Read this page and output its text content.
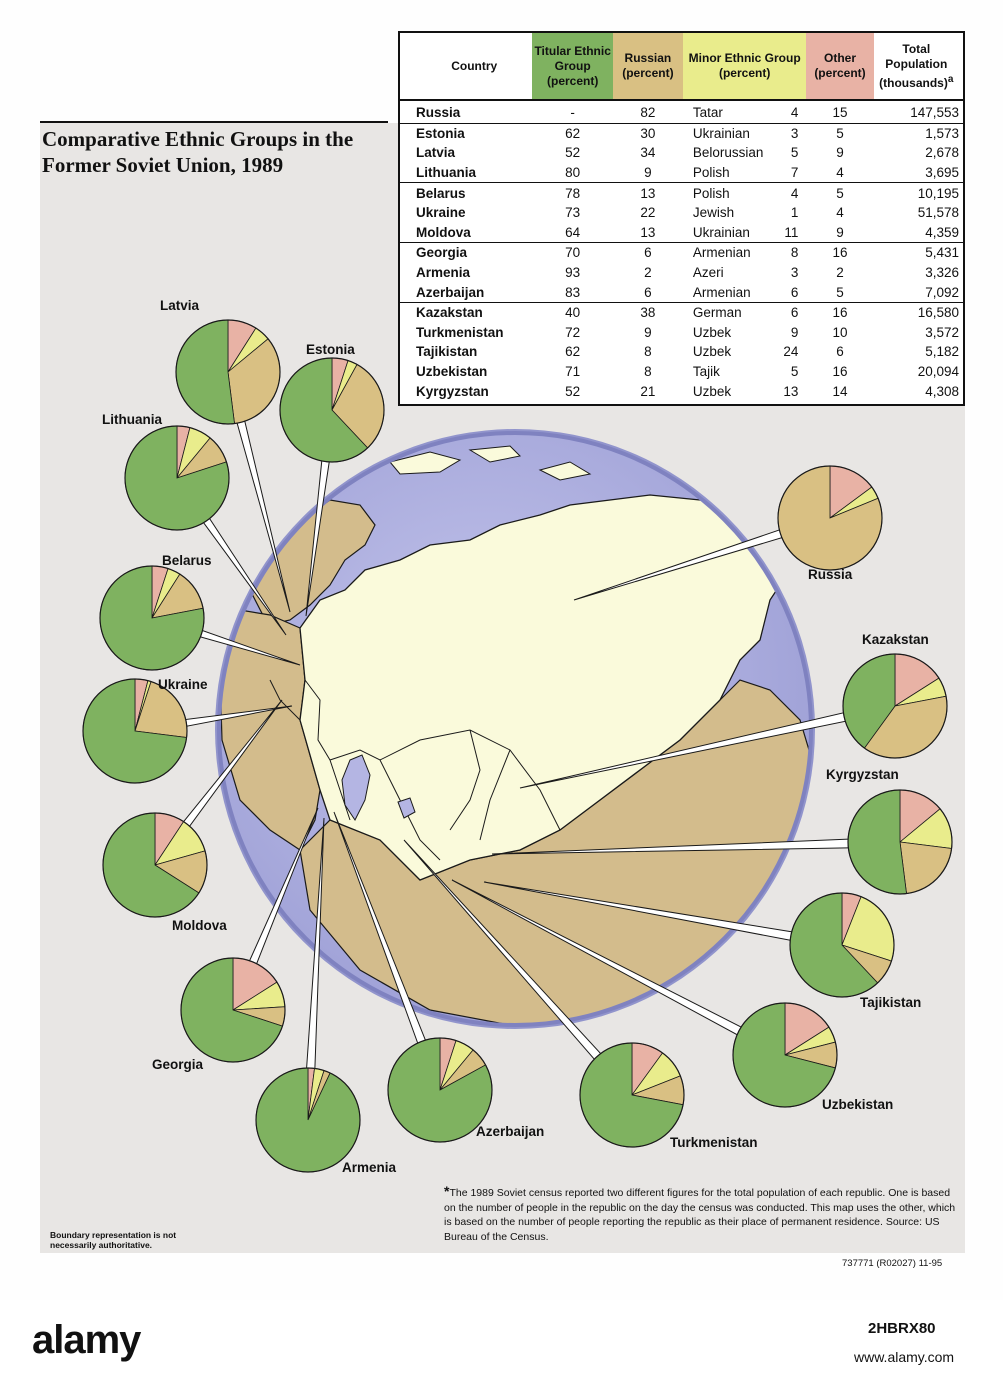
Comparative Ethnic Groups in the Former Soviet Union, 1989
Country	Titular Ethnic Group (percent)	Russian (percent)	Minor Ethnic Group (percent)	Other (percent)	Total Population (thousands)$^a$
Russia	-	82	Tatar 4	15	147,553
Estonia	62	30	Ukrainian 3	5	1,573
Latvia	52	34	Belorussian 5	9	2,678
Lithuania	80	9	Polish 7	4	3,695
Belarus	78	13	Polish 4	5	10,195
Ukraine	73	22	Jewish 1	4	51,578
Moldova	64	13	Ukrainian 11	9	4,359
Georgia	70	6	Armenian 8	16	5,431
Armenia	93	2	Azeri 3	2	3,326
Azerbaijan	83	6	Armenian 6	5	7,092
Kazakstan	40	38	German 6	16	16,580
Turkmenistan	72	9	Uzbek 9	10	3,572
Tajikistan	62	8	Uzbek 24	6	5,182
Uzbekistan	71	8	Tajik 5	16	20,094
Kyrgyzstan	52	21	Uzbek 13	14	4,308
Latvia
Estonia
Lithuania
Belarus
Ukraine
Moldova
Georgia
Armenia
Azerbaijan
Turkmenistan
Uzbekistan
Tajikistan
Kyrgyzstan
Kazakstan
Russia
*The 1989 Soviet census reported two different figures for the total population of each republic. One is based on the number of people in the republic on the day the census was conducted. This map uses the other, which is based on the number of people reporting the republic as their place of permanent residence. Source: US Bureau of the Census.
Boundary representation is not necessarily authoritative.
737771 (R02027) 11-95
alamy	2HBRX80
www.alamy.com
